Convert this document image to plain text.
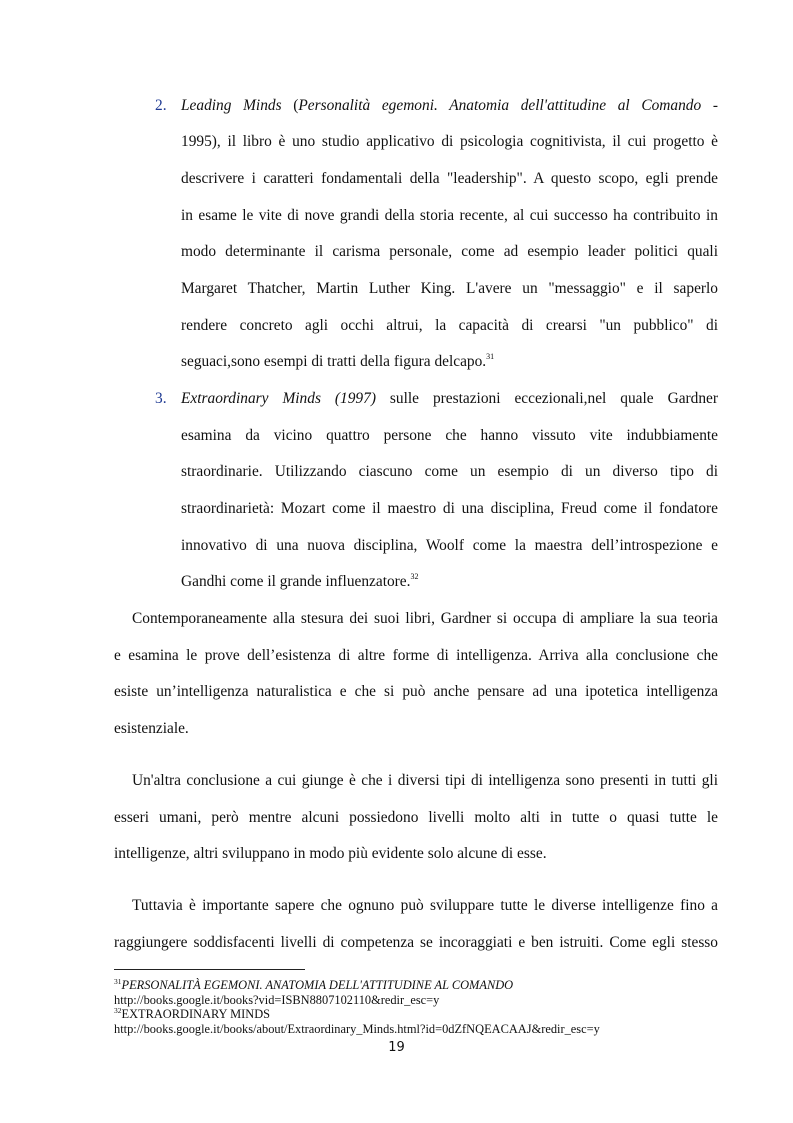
2. Leading Minds (Personalità egemoni. Anatomia dell'attitudine al Comando -
1995), il libro è uno studio applicativo di psicologia cognitivista, il cui progetto è
descrivere i caratteri fondamentali della "leadership". A questo scopo, egli prende
in esame le vite di nove grandi della storia recente, al cui successo ha contribuito in
modo determinante il carisma personale, come ad esempio leader politici quali
Margaret Thatcher, Martin Luther King. L'avere un "messaggio" e il saperlo
rendere concreto agli occhi altrui, la capacità di crearsi "un pubblico" di
seguaci,sono esempi di tratti della figura delcapo.$^{31}$
3. Extraordinary Minds (1997) sulle prestazioni eccezionali,nel quale Gardner
esamina da vicino quattro persone che hanno vissuto vite indubbiamente
straordinarie. Utilizzando ciascuno come un esempio di un diverso tipo di
straordinarietà: Mozart come il maestro di una disciplina, Freud come il fondatore
innovativo di una nuova disciplina, Woolf come la maestra dell’introspezione e
Gandhi come il grande influenzatore.$^{32}$
Contemporaneamente alla stesura dei suoi libri, Gardner si occupa di ampliare la sua teoria
e esamina le prove dell’esistenza di altre forme di intelligenza. Arriva alla conclusione che
esiste un’intelligenza naturalistica e che si può anche pensare ad una ipotetica intelligenza
esistenziale.
Un'altra conclusione a cui giunge è che i diversi tipi di intelligenza sono presenti in tutti gli
esseri umani, però mentre alcuni possiedono livelli molto alti in tutte o quasi tutte le
intelligenze, altri sviluppano in modo più evidente solo alcune di esse.
Tuttavia è importante sapere che ognuno può sviluppare tutte le diverse intelligenze fino a
raggiungere soddisfacenti livelli di competenza se incoraggiati e ben istruiti. Come egli stesso
$^{31}$PERSONALITÀ EGEMONI. ANATOMIA DELL'ATTITUDINE AL COMANDO
http://books.google.it/books?vid=ISBN8807102110&redir_esc=y
$^{32}$EXTRAORDINARY MINDS
http://books.google.it/books/about/Extraordinary_Minds.html?id=0dZfNQEACAAJ&redir_esc=y
19
